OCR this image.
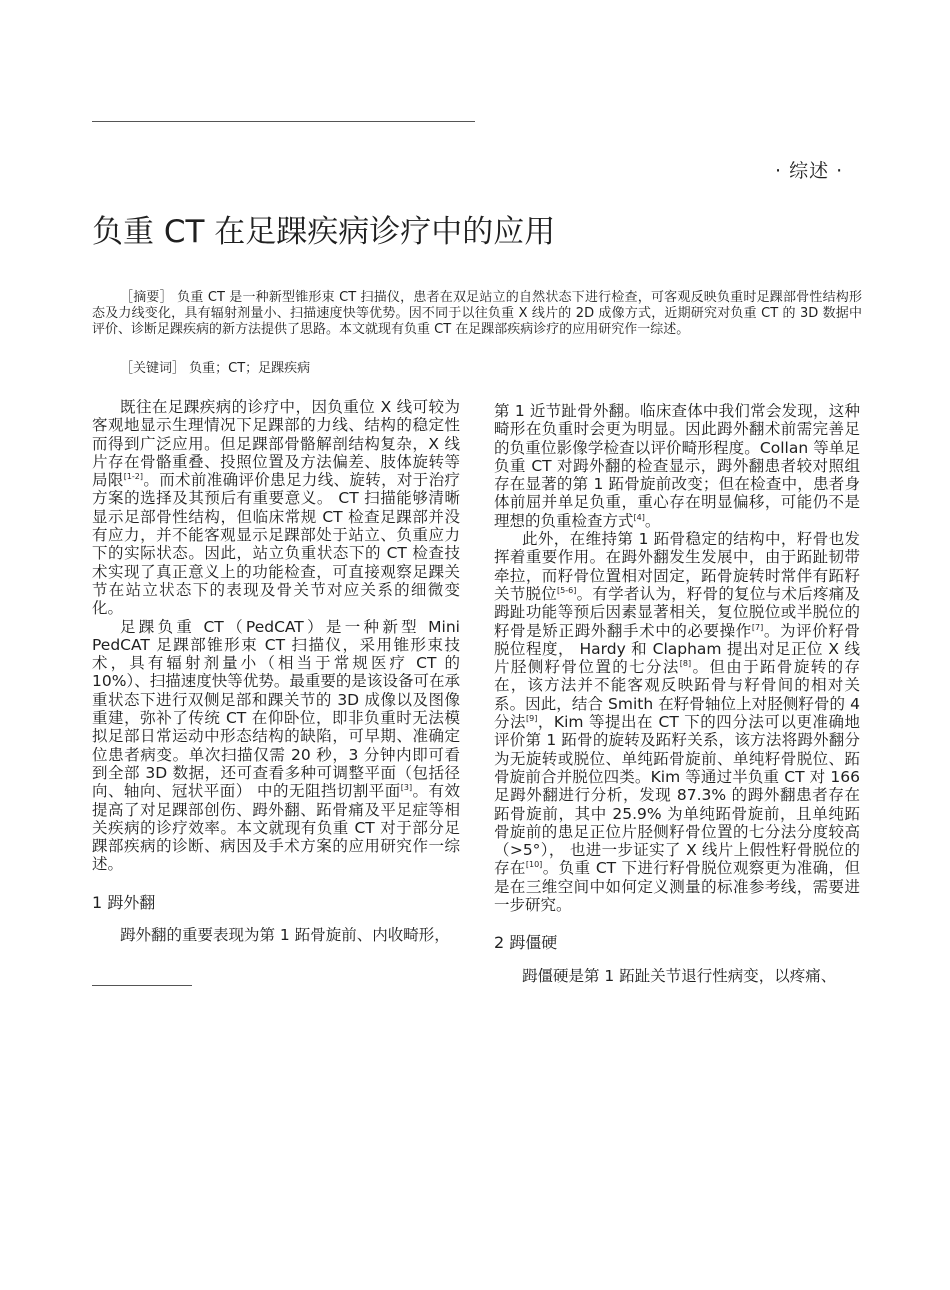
· 综述 ·
负重 CT 在足踝疾病诊疗中的应用

［摘要］ 负重 CT 是一种新型锥形束 CT 扫描仪，患者在双足站立的自然状态下进行检查，可客观反映负重时足踝部骨性结构形态及力线变化，具有辐射剂量小、扫描速度快等优势。因不同于以往负重 X 线片的 2D 成像方式，近期研究对负重 CT 的 3D 数据中评价、诊断足踝疾病的新方法提供了思路。本文就现有负重 CT 在足踝部疾病诊疗的应用研究作一综述。

［关键词］ 负重；CT；足踝疾病

既往在足踝疾病的诊疗中，因负重位 X 线可较为客观地显示生理情况下足踝部的力线、结构的稳定性而得到广泛应用。但足踝部骨骼解剖结构复杂，X 线片存在骨骼重叠、投照位置及方法偏差、肢体旋转等局限[1-2]。而术前准确评价患足力线、旋转，对于治疗方案的选择及其预后有重要意义。 CT 扫描能够清晰显示足部骨性结构，但临床常规 CT 检查足踝部并没有应力，并不能客观显示足踝部处于站立、负重应力下的实际状态。因此，站立负重状态下的 CT 检查技术实现了真正意义上的功能检查，可直接观察足踝关节在站立状态下的表现及骨关节对应关系的细微变化。

足踝负重 CT（PedCAT）是一种新型 Mini PedCAT 足踝部锥形束 CT 扫描仪，采用锥形束技术，具有辐射剂量小（相当于常规医疗 CT 的 10%）、扫描速度快等优势。最重要的是该设备可在承重状态下进行双侧足部和踝关节的 3D 成像以及图像重建，弥补了传统 CT 在仰卧位，即非负重时无法模拟足部日常运动中形态结构的缺陷，可早期、准确定位患者病变。单次扫描仅需 20 秒，3 分钟内即可看到全部 3D 数据，还可查看多种可调整平面（包括径向、轴向、冠状平面） 中的无阻挡切割平面[3]。有效提高了对足踝部创伤、𧿹外翻、跖骨痛及平足症等相关疾病的诊疗效率。本文就现有负重 CT 对于部分足踝部疾病的诊断、病因及手术方案的应用研究作一综述。

1 𧿹外翻

𧿹外翻的重要表现为第 1 跖骨旋前、内收畸形，

第 1 近节趾骨外翻。临床查体中我们常会发现，这种畸形在负重时会更为明显。因此𧿹外翻术前需完善足的负重位影像学检查以评价畸形程度。Collan 等单足负重 CT 对𧿹外翻的检查显示，𧿹外翻患者较对照组存在显著的第 1 跖骨旋前改变；但在检查中，患者身体前屈并单足负重，重心存在明显偏移，可能仍不是理想的负重检查方式[4]。

此外，在维持第 1 跖骨稳定的结构中，籽骨也发挥着重要作用。在𧿹外翻发生发展中，由于跖趾韧带牵拉，而籽骨位置相对固定，跖骨旋转时常伴有跖籽关节脱位[5-6]。有学者认为，籽骨的复位与术后疼痛及𧿹趾功能等预后因素显著相关，复位脱位或半脱位的籽骨是矫正𧿹外翻手术中的必要操作[7]。为评价籽骨脱位程度， Hardy 和 Clapham 提出对足正位 X 线片胫侧籽骨位置的七分法[8]。但由于跖骨旋转的存在，该方法并不能客观反映跖骨与籽骨间的相对关系。因此，结合 Smith 在籽骨轴位上对胫侧籽骨的 4 分法[9]，Kim 等提出在 CT 下的四分法可以更准确地评价第 1 跖骨的旋转及跖籽关系，该方法将𧿹外翻分为无旋转或脱位、单纯跖骨旋前、单纯籽骨脱位、跖骨旋前合并脱位四类。Kim 等通过半负重 CT 对 166 足𧿹外翻进行分析，发现 87.3% 的𧿹外翻患者存在跖骨旋前，其中 25.9% 为单纯跖骨旋前，且单纯跖骨旋前的患足正位片胫侧籽骨位置的七分法分度较高（>5°）， 也进一步证实了 X 线片上假性籽骨脱位的存在[10]。负重 CT 下进行籽骨脱位观察更为准确，但是在三维空间中如何定义测量的标准参考线，需要进一步研究。

2 𧿹僵硬

𧿹僵硬是第 1 跖趾关节退行性病变，以疼痛、
